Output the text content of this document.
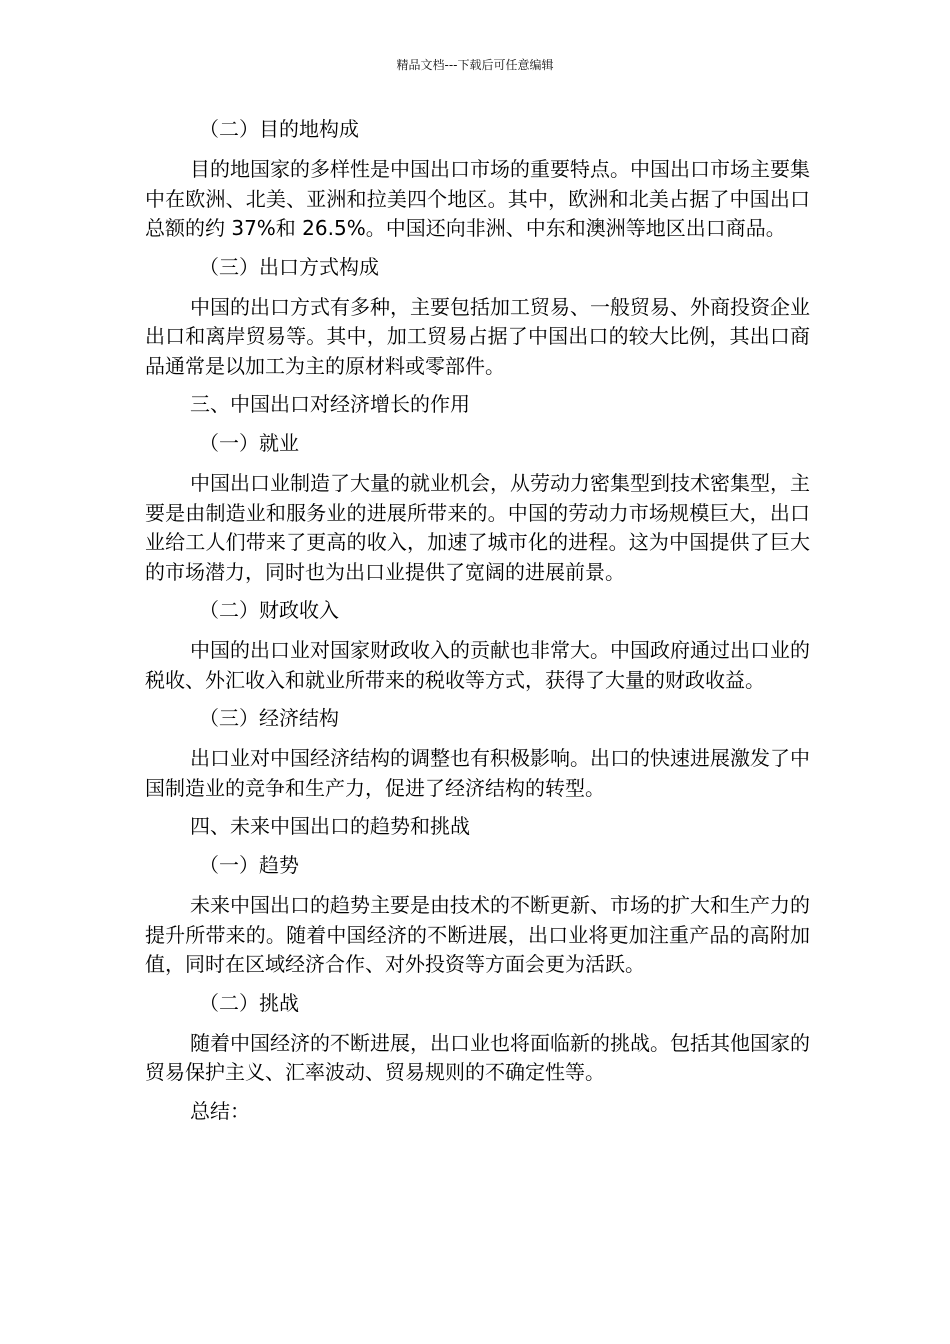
精品文档---下载后可任意编辑
（二）目的地构成
目的地国家的多样性是中国出口市场的重要特点。中国出口市场主要集中在欧洲、北美、亚洲和拉美四个地区。其中，欧洲和北美占据了中国出口总额的约 37%和 26.5%。中国还向非洲、中东和澳洲等地区出口商品。
（三）出口方式构成
中国的出口方式有多种，主要包括加工贸易、一般贸易、外商投资企业出口和离岸贸易等。其中，加工贸易占据了中国出口的较大比例，其出口商品通常是以加工为主的原材料或零部件。
三、中国出口对经济增长的作用
（一）就业
中国出口业制造了大量的就业机会，从劳动力密集型到技术密集型，主要是由制造业和服务业的进展所带来的。中国的劳动力市场规模巨大，出口业给工人们带来了更高的收入，加速了城市化的进程。这为中国提供了巨大的市场潜力，同时也为出口业提供了宽阔的进展前景。
（二）财政收入
中国的出口业对国家财政收入的贡献也非常大。中国政府通过出口业的税收、外汇收入和就业所带来的税收等方式，获得了大量的财政收益。
（三）经济结构
出口业对中国经济结构的调整也有积极影响。出口的快速进展激发了中国制造业的竞争和生产力，促进了经济结构的转型。
四、未来中国出口的趋势和挑战
（一）趋势
未来中国出口的趋势主要是由技术的不断更新、市场的扩大和生产力的提升所带来的。随着中国经济的不断进展，出口业将更加注重产品的高附加值，同时在区域经济合作、对外投资等方面会更为活跃。
（二）挑战
随着中国经济的不断进展，出口业也将面临新的挑战。包括其他国家的贸易保护主义、汇率波动、贸易规则的不确定性等。
总结：
